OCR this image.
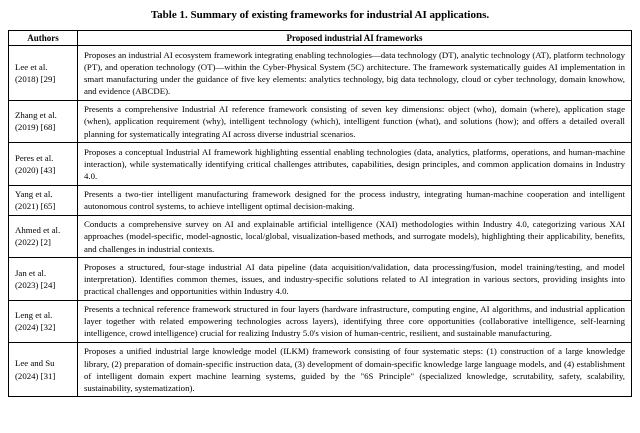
Table 1. Summary of existing frameworks for industrial AI applications.
Authors	Proposed industrial AI frameworks

Lee et al.
(2018) [29]	Proposes an industrial AI ecosystem framework integrating enabling technologies—data technology (DT), analytic technology (AT), platform technology (PT), and operation technology (OT)—within the Cyber-Physical System (5C) architecture. The framework systematically guides AI implementation in smart manufacturing under the guidance of five key elements: analytics technology, big data technology, cloud or cyber technology, domain knowhow, and evidence (ABCDE).

Zhang et al.
(2019) [68]	Presents a comprehensive Industrial AI reference framework consisting of seven key dimensions: object (who), domain (where), application stage (when), application requirement (why), intelligent technology (which), intelligent function (what), and solutions (how); and offers a detailed overall planning for systematically integrating AI across diverse industrial scenarios.

Peres et al.
(2020) [43]	Proposes a conceptual Industrial AI framework highlighting essential enabling technologies (data, analytics, platforms, operations, and human-machine interaction), while systematically identifying critical challenges attributes, capabilities, design principles, and common application domains in Industry 4.0.

Yang et al.
(2021) [65]	Presents a two-tier intelligent manufacturing framework designed for the process industry, integrating human-machine cooperation and intelligent autonomous control systems, to achieve intelligent optimal decision-making.

Ahmed et al.
(2022) [2]	Conducts a comprehensive survey on AI and explainable artificial intelligence (XAI) methodologies within Industry 4.0, categorizing various XAI approaches (model-specific, model-agnostic, local/global, visualization-based methods, and surrogate models), highlighting their applicability, benefits, and challenges in industrial contexts.

Jan et al.
(2023) [24]	Proposes a structured, four-stage industrial AI data pipeline (data acquisition/validation, data processing/fusion, model training/testing, and model interpretation). Identifies common themes, issues, and industry-specific solutions related to AI integration in various sectors, providing insights into practical challenges and opportunities within Industry 4.0.

Leng et al.
(2024) [32]	Presents a technical reference framework structured in four layers (hardware infrastructure, computing engine, AI algorithms, and industrial application layer together with related empowering technologies across layers), identifying three core opportunities (collaborative intelligence, self-learning intelligence, crowd intelligence) crucial for realizing Industry 5.0's vision of human-centric, resilient, and sustainable manufacturing.

Lee and Su
(2024) [31]	Proposes a unified industrial large knowledge model (ILKM) framework consisting of four systematic steps: (1) construction of a large knowledge library, (2) preparation of domain-specific instruction data, (3) development of domain-specific knowledge large language models, and (4) establishment of intelligent domain expert machine learning systems, guided by the "6S Principle" (specialized knowledge, scrutability, safety, scalability, sustainability, systematization).
